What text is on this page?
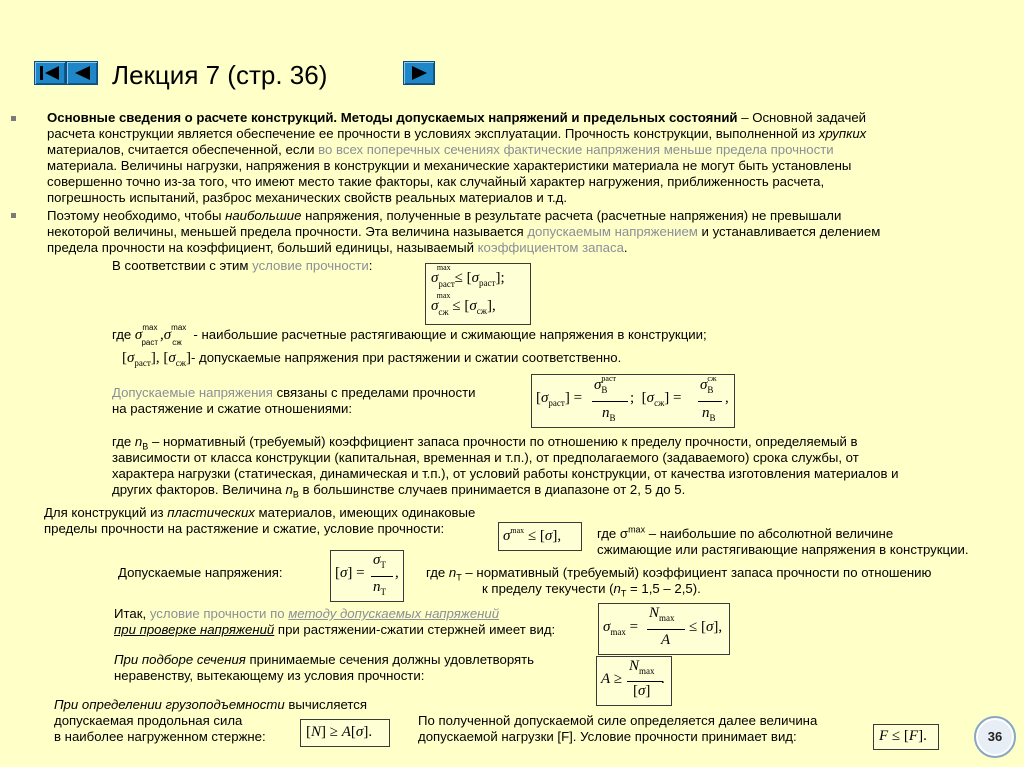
Лекция 7 (стр. 36)
Основные сведения о расчете конструкций. Методы допускаемых напряжений и предельных состояний – Основной задачей
расчета конструкции является обеспечение ее прочности в условиях эксплуатации. Прочность конструкции, выполненной из хрупких
материалов, считается обеспеченной, если во всех поперечных сечениях фактические напряжения меньше предела прочности
материала. Величины нагрузки, напряжения в конструкции и механические характеристики материала не могут быть установлены
совершенно точно из-за того, что имеют место такие факторы, как случайный характер нагружения, приближенность расчета,
погрешность испытаний, разброс механических свойств реальных материалов и т.д.
Поэтому необходимо, чтобы наибольшие напряжения, полученные в результате расчета (расчетные напряжения) не превышали
некоторой величины, меньшей предела прочности. Эта величина называется допускаемым напряжением и устанавливается делением
предела прочности на коэффициент, больший единицы, называемый коэффициентом запаса.
В соответствии с этим условие прочности:
$\sigma_{раст}^{max}\le [\sigma_{раст}]$;
$\sigma_{сж}^{max}\le [\sigma_{сж}]$,
где $\sigma^{max}_{раст}$ $,\sigma^{max}_{сж}$ - наибольшие расчетные растягивающие и сжимающие напряжения в конструкции;
$[\sigma_{раст}]$, $[\sigma_{сж}]-$ допускаемые напряжения при растяжении и сжатии соответственно.
Допускаемые напряжения связаны с пределами прочности
на растяжение и сжатие отношениями:
$[\sigma_{раст}]$ =
$\sigma_В^{раст}$
$n_В$
;  $[\sigma_{сж}]$ =
$\sigma_В^{сж}$
$n_В$
,
где $n_В$ – нормативный (требуемый) коэффициент запаса прочности по отношению к пределу прочности, определяемый в
зависимости от класса конструкции (капитальная, временная и т.п.), от предполагаемого (задаваемого) срока службы, от
характера нагрузки (статическая, динамическая и т.п.), от условий работы конструкции, от качества изготовления материалов и
других факторов. Величина $n_В$ в большинстве случаев принимается в диапазоне от 2, 5 до 5.
Для конструкций из пластических материалов, имеющих одинаковые
пределы прочности на растяжение и сжатие, условие прочности:	$\sigma^{max} \le [\sigma]$,	где $\sigma^{max}$ – наибольшие по абсолютной величине
сжимающие или растягивающие напряжения в конструкции.
Допускаемые напряжения:	[σ] =
$\sigma_Т$
$n_Т$
, где $n_Т$ – нормативный (требуемый) коэффициент запаса прочности по отношению
к пределу текучести $(n_Т = 1,5 - 2,5)$.
Итак, условие прочности по методу допускаемых напряжений
при проверке напряжений при растяжении-сжатии стержней имеет вид:	$\sigma_{max}$ =
$N_{max}$
A
≤ [σ],
При подборе сечения принимаемые сечения должны удовлетворять
неравенству, вытекающему из условия прочности:	A ≥
$N_{max}$
[σ]
.
При определении грузоподъемности вычисляется
допускаемая продольная сила
в наиболее нагруженном стержне:	[N] ≥ A[σ].
По полученной допускаемой силе определяется далее величина
допускаемой нагрузки [F]. Условие прочности принимает вид:	F ≤ [F].	36
